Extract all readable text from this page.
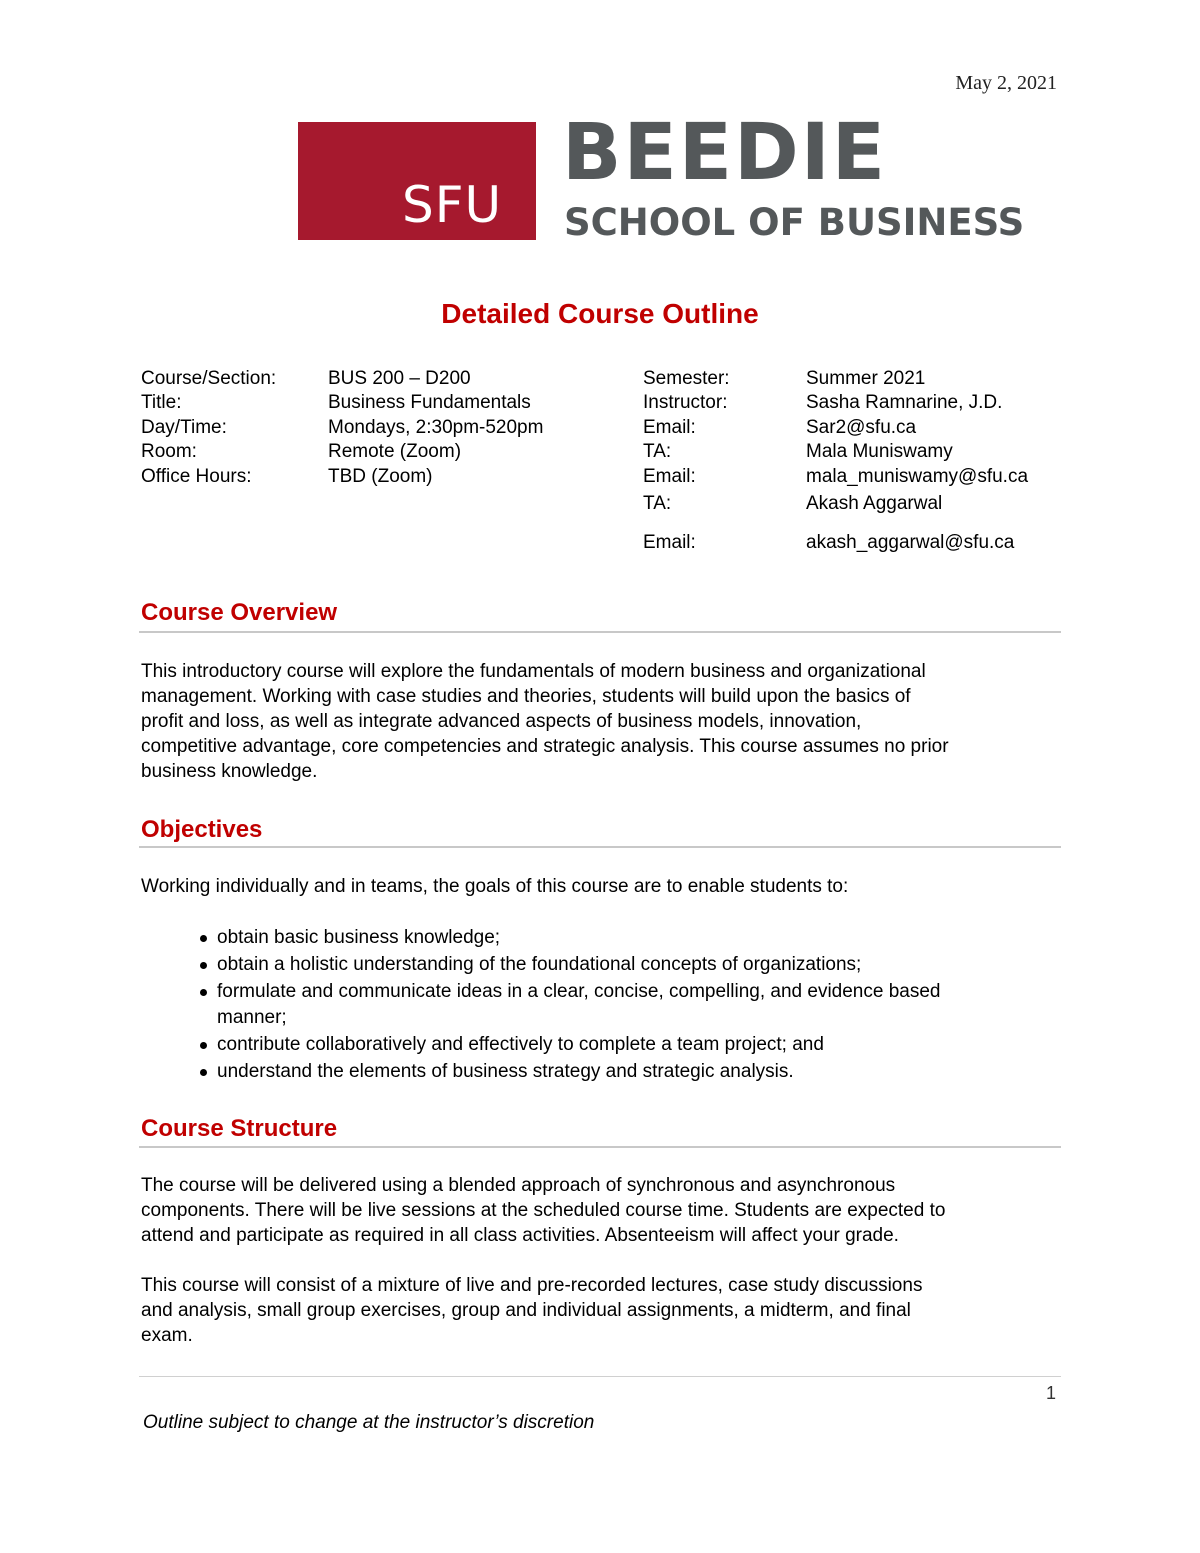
May 2, 2021
SFU
BEEDIE
SCHOOL OF BUSINESS
Detailed Course Outline
Course/Section:	BUS 200 – D200
Title:	Business Fundamentals
Day/Time:	Mondays, 2:30pm-520pm
Room:	Remote (Zoom)
Office Hours:	TBD (Zoom)
Semester:	Summer 2021
Instructor:	Sasha Ramnarine, J.D.
Email:	Sar2@sfu.ca
TA:	Mala Muniswamy
Email:	mala_muniswamy@sfu.ca
TA:	Akash Aggarwal
Email:	akash_aggarwal@sfu.ca
Course Overview
This introductory course will explore the fundamentals of modern business and organizational
management. Working with case studies and theories, students will build upon the basics of
profit and loss, as well as integrate advanced aspects of business models, innovation,
competitive advantage, core competencies and strategic analysis. This course assumes no prior
business knowledge.
Objectives
Working individually and in teams, the goals of this course are to enable students to:
obtain basic business knowledge;
obtain a holistic understanding of the foundational concepts of organizations;
formulate and communicate ideas in a clear, concise, compelling, and evidence based manner;
contribute collaboratively and effectively to complete a team project; and
understand the elements of business strategy and strategic analysis.
Course Structure
The course will be delivered using a blended approach of synchronous and asynchronous
components. There will be live sessions at the scheduled course time. Students are expected to
attend and participate as required in all class activities. Absenteeism will affect your grade.
This course will consist of a mixture of live and pre-recorded lectures, case study discussions
and analysis, small group exercises, group and individual assignments, a midterm, and final
exam.
1
Outline subject to change at the instructor’s discretion
